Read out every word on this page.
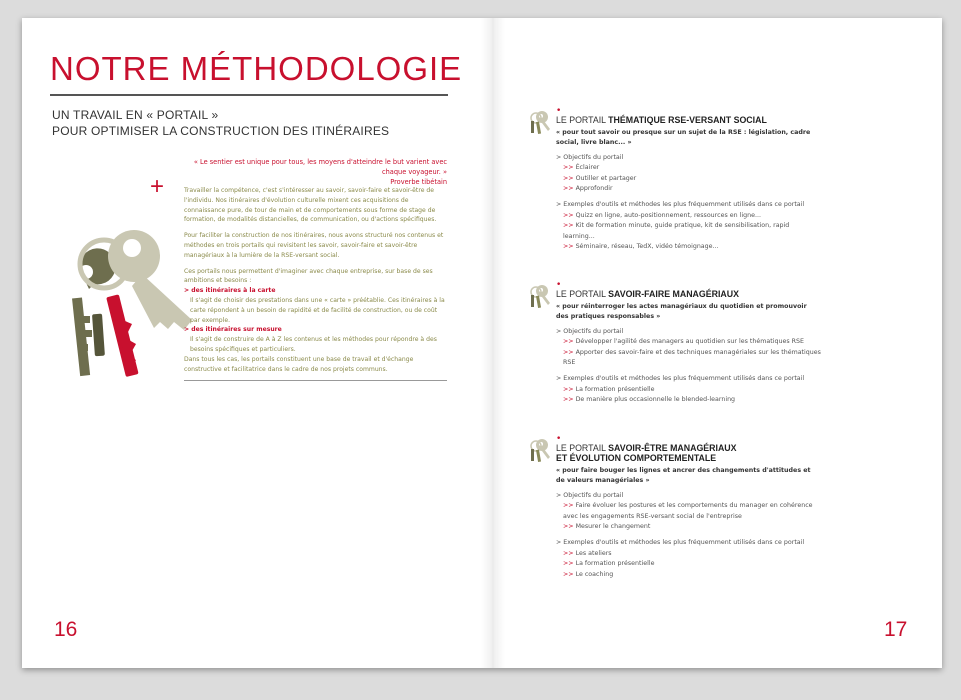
NOTRE MÉTHODOLOGIE
UN TRAVAIL EN « PORTAIL »
POUR OPTIMISER LA CONSTRUCTION DES ITINÉRAIRES
« Le sentier est unique pour tous, les moyens d'atteindre le but varient avec chaque voyageur. »
Proverbe tibétain
+	Travailler la compétence, c'est s'intéresser au savoir, savoir-faire et savoir-être de l'individu. Nos itinéraires d'évolution culturelle mixent ces acquisitions de connaissance pure, de tour de main et de comportements sous forme de stage de formation, de modalités distancielles, de communication, ou d'actions spécifiques.

Pour faciliter la construction de nos itinéraires, nous avons structuré nos contenus et méthodes en trois portails qui revisitent les savoir, savoir-faire et savoir-être managériaux à la lumière de la RSE-versant social.

Ces portails nous permettent d'imaginer avec chaque entreprise, sur base de ses ambitions et besoins :

> des itinéraires à la carte
Il s'agit de choisir des prestations dans une « carte » préétablie. Ces itinéraires à la carte répondent à un besoin de rapidité et de facilité de construction, ou de coût par exemple.
> des itinéraires sur mesure
Il s'agit de construire de A à Z les contenus et les méthodes pour répondre à des besoins spécifiques et particuliers.
Dans tous les cas, les portails constituent une base de travail et d'échange constructive et facilitatrice dans le cadre de nos projets communs.
16	17
•
LE PORTAIL THÉMATIQUE RSE-VERSANT SOCIAL
« pour tout savoir ou presque sur un sujet de la RSE : législation, cadre social, livre blanc... »
> Objectifs du portail
>> Éclairer
>> Outiller et partager
>> Approfondir
> Exemples d'outils et méthodes les plus fréquemment utilisés dans ce portail
>> Quizz en ligne, auto-positionnement, ressources en ligne...
>> Kit de formation minute, guide pratique, kit de sensibilisation, rapid learning...
>> Séminaire, réseau, TedX, vidéo témoignage...
•
LE PORTAIL SAVOIR-FAIRE MANAGÉRIAUX
« pour réinterroger les actes managériaux du quotidien et promouvoir des pratiques responsables »
> Objectifs du portail
>> Développer l'agilité des managers au quotidien sur les thématiques RSE
>> Apporter des savoir-faire et des techniques managériales sur les thématiques RSE
> Exemples d'outils et méthodes les plus fréquemment utilisés dans ce portail
>> La formation présentielle
>> De manière plus occasionnelle le blended-learning
•
LE PORTAIL SAVOIR-ÊTRE MANAGÉRIAUX
ET ÉVOLUTION COMPORTEMENTALE
« pour faire bouger les lignes et ancrer des changements d'attitudes et de valeurs managériales »
> Objectifs du portail
>> Faire évoluer les postures et les comportements du manager en cohérence avec les engagements RSE-versant social de l'entreprise
>> Mesurer le changement
> Exemples d'outils et méthodes les plus fréquemment utilisés dans ce portail
>> Les ateliers
>> La formation présentielle
>> Le coaching
